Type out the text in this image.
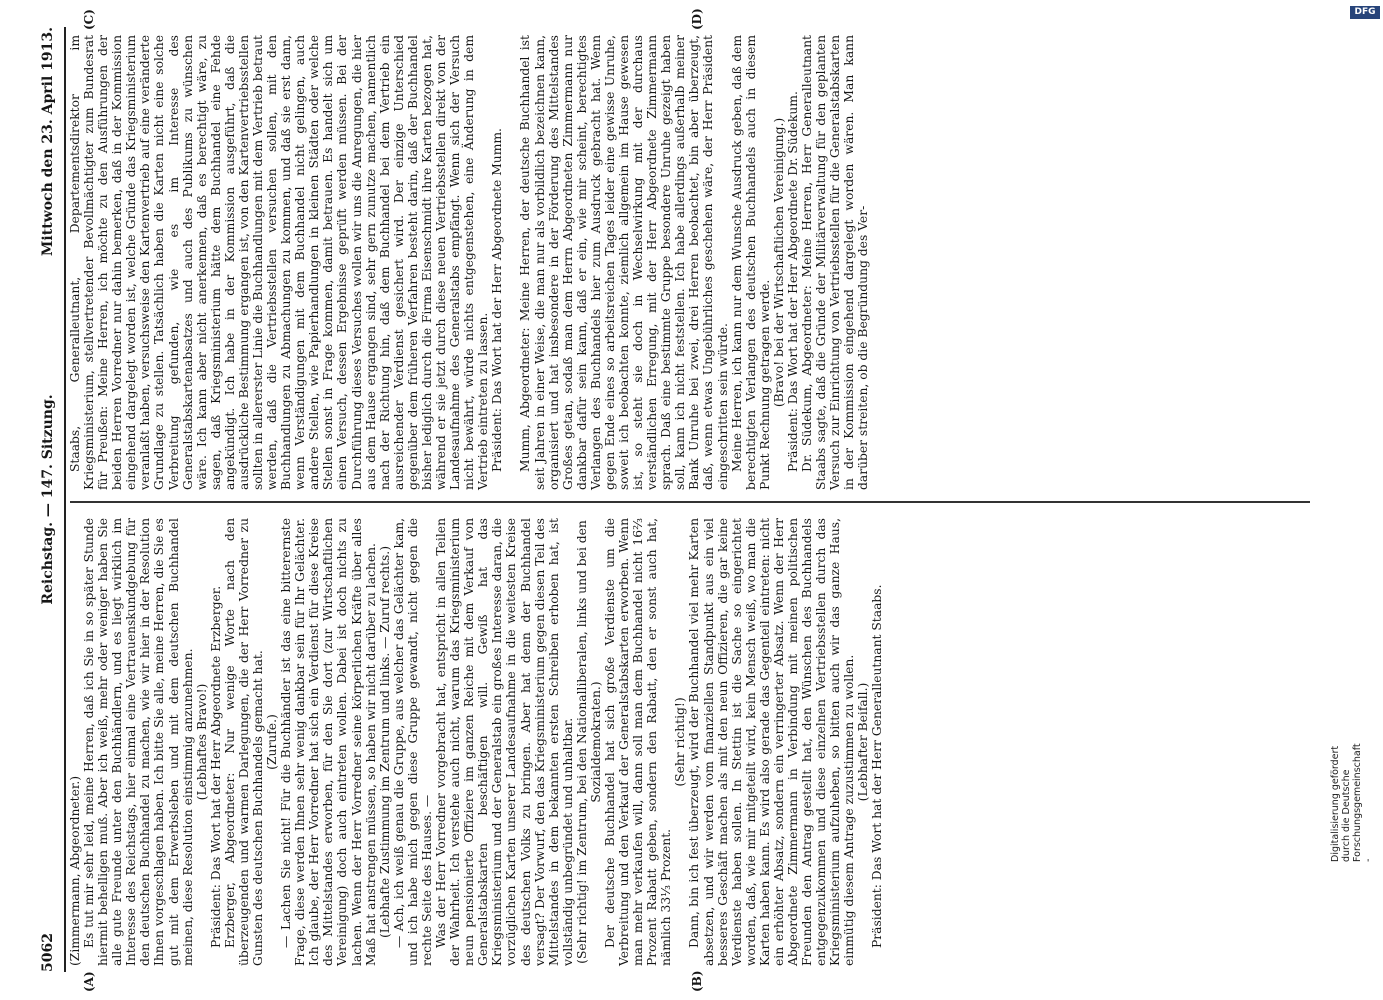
5062
Reichstag. — 147. Sitzung.
Mittwoch den 23. April 1913.
(A)	(B)
(C)	(D)

(Zimmermann, Abgeordneter.) Es tut mir sehr leid, meine Herren, daß ich Sie in so später Stunde hiermit behelligen muß. Aber ich weiß, mehr oder weniger haben Sie alle gute Freunde unter den Buchhändlern, und es liegt wirklich im Interesse des Reichstags, hier einmal eine Vertrauenskundgebung für den deutschen Buchhandel zu machen, wie wir hier in der Resolution Ihnen vorgeschlagen haben. Ich bitte Sie alle, meine Herren, die Sie es gut mit dem Erwerbsleben und mit dem deutschen Buchhandel meinen, diese Resolution einstimmig anzunehmen. (Lebhaftes Bravo!) Präsident: Das Wort hat der Herr Abgeordnete Erzberger. Erzberger, Abgeordneter: Nur wenige Worte nach den überzeugenden und warmen Darlegungen, die der Herr Vorredner zu Gunsten des deutschen Buchhandels gemacht hat. (Zurufe.) — Lachen Sie nicht! Für die Buchhändler ist das eine bitterernste Frage, diese werden Ihnen sehr wenig dankbar sein für Ihr Gelächter. Ich glaube, der Herr Vorredner hat sich ein Verdienst für diese Kreise des Mittelstandes erworben, für den Sie dort (zur Wirtschaftlichen Vereinigung) doch auch eintreten wollen. Dabei ist doch nichts zu lachen. Wenn der Herr Vorredner seine körperlichen Kräfte über alles Maß hat anstrengen müssen, so haben wir nicht darüber zu lachen. (Lebhafte Zustimmung im Zentrum und links. — Zuruf rechts.) — Ach, ich weiß genau die Gruppe, aus welcher das Gelächter kam, und ich habe mich gegen diese Gruppe gewandt, nicht gegen die rechte Seite des Hauses. — Was der Herr Vorredner vorgebracht hat, entspricht in allen Teilen der Wahrheit. Ich verstehe auch nicht, warum das Kriegsministerium neun pensionierte Offiziere im ganzen Reiche mit dem Verkauf von Generalstabskarten beschäftigen will. Gewiß hat das Kriegsministerium und der Generalstab ein großes Interesse daran, die vorzüglichen Karten unserer Landesaufnahme in die weitesten Kreise des deutschen Volks zu bringen. Aber hat denn der Buchhandel versagt? Der Vorwurf, den das Kriegsministerium gegen diesen Teil des Mittelstandes in dem bekannten ersten Schreiben erhoben hat, ist vollständig unbegründet und unhaltbar. (Sehr richtig! im Zentrum, bei den Nationalliberalen, links und bei den Sozialdemokraten.) Der deutsche Buchhandel hat sich große Verdienste um die Verbreitung und den Verkauf der Generalstabskarten erworben. Wenn man mehr verkaufen will, dann soll man dem Buchhandel nicht 16⅔ Prozent Rabatt geben, sondern den Rabatt, den er sonst auch hat, nämlich 33⅓ Prozent.

(Sehr richtig!) Dann, bin ich fest überzeugt, wird der Buchhandel viel mehr Karten absetzen, und wir werden vom finanziellen Standpunkt aus ein viel besseres Geschäft machen als mit den neun Offizieren, die gar keine Verdienste haben sollen. In Stettin ist die Sache so eingerichtet worden, daß, wie mir mitgeteilt wird, kein Mensch weiß, wo man die Karten haben kann. Es wird also gerade das Gegenteil eintreten: nicht ein erhöhter Absatz, sondern ein verringerter Absatz. Wenn der Herr Abgeordnete Zimmermann in Verbindung mit meinen politischen Freunden den Antrag gestellt hat, den Wünschen des Buchhandels entgegenzukommen und diese einzelnen Vertriebsstellen durch das Kriegsministerium aufzuheben, so bitten auch wir das ganze Haus, einmütig diesem Antrage zuzustimmen zu wollen. (Lebhafter Beifall.) Präsident: Das Wort hat der Herr Generalleutnant Staabs.

Staabs, Generalleutnant, Departementsdirektor im Kriegsministerium, stellvertretender Bevollmächtigter zum Bundesrat für Preußen: Meine Herren, ich möchte zu den Ausführungen der beiden Herren Vorredner nur dahin bemerken, daß in der Kommission eingehend dargelegt worden ist, welche Gründe das Kriegsministerium veranlaßt haben, versuchsweise den Kartenvertrieb auf eine veränderte Grundlage zu stellen. Tatsächlich haben die Karten nicht eine solche Verbreitung gefunden, wie es im Interesse des Generalstabskartenabsatzes und auch des Publikums zu wünschen wäre. Ich kann aber nicht anerkennen, daß es berechtigt wäre, zu sagen, daß Kriegsministerium hätte dem Buchhandel eine Fehde angekündigt. Ich habe in der Kommission ausgeführt, daß die ausdrückliche Bestimmung ergangen ist, von den Kartenvertriebsstellen sollten in allererster Linie die Buchhandlungen mit dem Vertrieb betraut werden, daß die Vertriebsstellen versuchen sollen, mit den Buchhandlungen zu Abmachungen zu kommen, und daß sie erst dann, wenn Verständigungen mit dem Buchhandel nicht gelingen, auch andere Stellen, wie Papierhandlungen in kleinen Städten oder welche Stellen sonst in Frage kommen, damit betrauen. Es handelt sich um einen Versuch, dessen Ergebnisse geprüft werden müssen. Bei der Durchführung dieses Versuches wollen wir uns die Anregungen, die hier aus dem Hause ergangen sind, sehr gern zunutze machen, namentlich nach der Richtung hin, daß dem Buchhandel bei dem Vertrieb ein ausreichender Verdienst gesichert wird. Der einzige Unterschied gegenüber dem früheren Verfahren besteht darin, daß der Buchhandel bisher lediglich durch die Firma Eisenschmidt ihre Karten bezogen hat, während er sie jetzt durch diese neuen Vertriebsstellen direkt von der Landesaufnahme des Generalstabs empfängt. Wenn sich der Versuch nicht bewährt, würde nichts entgegenstehen, eine Änderung in dem Vertrieb eintreten zu lassen. Präsident: Das Wort hat der Herr Abgeordnete Mumm. Mumm, Abgeordneter: Meine Herren, der deutsche Buchhandel ist seit Jahren in einer Weise, die man nur als vorbildlich bezeichnen kann, organisiert und hat insbesondere in der Förderung des Mittelstandes Großes getan, sodaß man dem Herrn Abgeordneten Zimmermann nur dankbar dafür sein kann, daß er ein, wie mir scheint, berechtigtes Verlangen des Buchhandels hier zum Ausdruck gebracht hat. Wenn gegen Ende eines so arbeitsreichen Tages leider eine gewisse Unruhe, soweit ich beobachten konnte, ziemlich allgemein im Hause gewesen ist, so steht sie doch in Wechselwirkung mit der durchaus verständlichen Erregung, mit der Herr Abgeordnete Zimmermann sprach. Daß eine bestimmte Gruppe besondere Unruhe gezeigt haben soll, kann ich nicht feststellen. Ich habe allerdings außerhalb meiner Bank Unruhe bei zwei, drei Herren beobachtet, bin aber überzeugt, daß, wenn etwas Ungebührliches geschehen wäre, der Herr Präsident eingeschritten sein würde. Meine Herren, ich kann nur dem Wunsche Ausdruck geben, daß dem berechtigten Verlangen des deutschen Buchhandels auch in diesem Punkt Rechnung getragen werde. (Bravo! bei der Wirtschaftlichen Vereinigung.) Präsident: Das Wort hat der Herr Abgeordnete Dr. Südekum. Dr. Südekum, Abgeordneter: Meine Herren, Herr Generalleutnant Staabs sagte, daß die Gründe der Militärverwaltung für den geplanten Versuch zur Einrichtung von Vertriebsstellen für die Generalstabskarten in der Kommission eingehend dargelegt worden wären. Man kann darüber streiten, ob die Begründung des Ver-

DFG
Digitalisierung gefördert durch die Deutsche Forschungsgemeinschaft -
